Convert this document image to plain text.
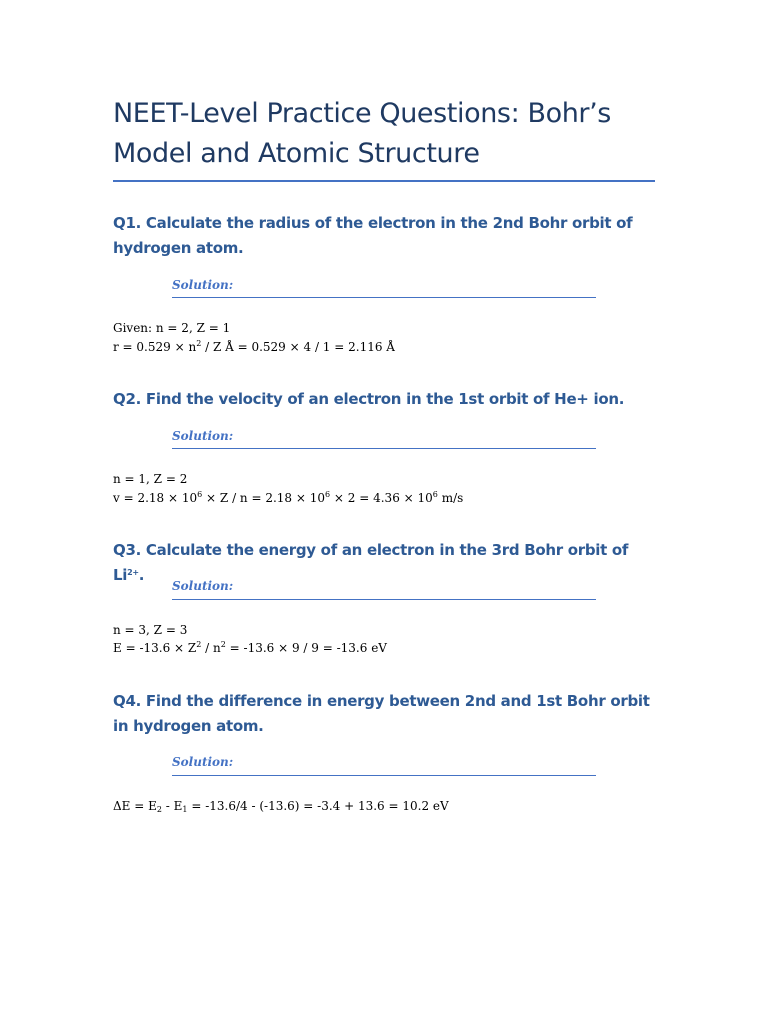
NEET-Level Practice Questions: Bohr’s Model and Atomic Structure

Q1. Calculate the radius of the electron in the 2nd Bohr orbit of hydrogen atom.

Solution:

Given: n = 2, Z = 1

$r = 0.529 \times n^2 / Z$ Å = 0.529 × 4 / 1 = 2.116 Å

Q2. Find the velocity of an electron in the 1st orbit of He+ ion.

Solution:

n = 1, Z = 2

$v = 2.18 \times 10^6 \times Z / n = 2.18 \times 10^6 \times 2 = 4.36 \times 10^6$ m/s

Q3. Calculate the energy of an electron in the 3rd Bohr orbit of $Li^{2+}$.

Solution:

n = 3, Z = 3

$E = -13.6 \times Z^2 / n^2 = -13.6 \times 9 / 9 = -13.6$ eV

Q4. Find the difference in energy between 2nd and 1st Bohr orbit in hydrogen atom.

Solution:

$\Delta E = E_2 - E_1 = -13.6/4 - (-13.6) = -3.4 + 13.6 = 10.2$ eV
